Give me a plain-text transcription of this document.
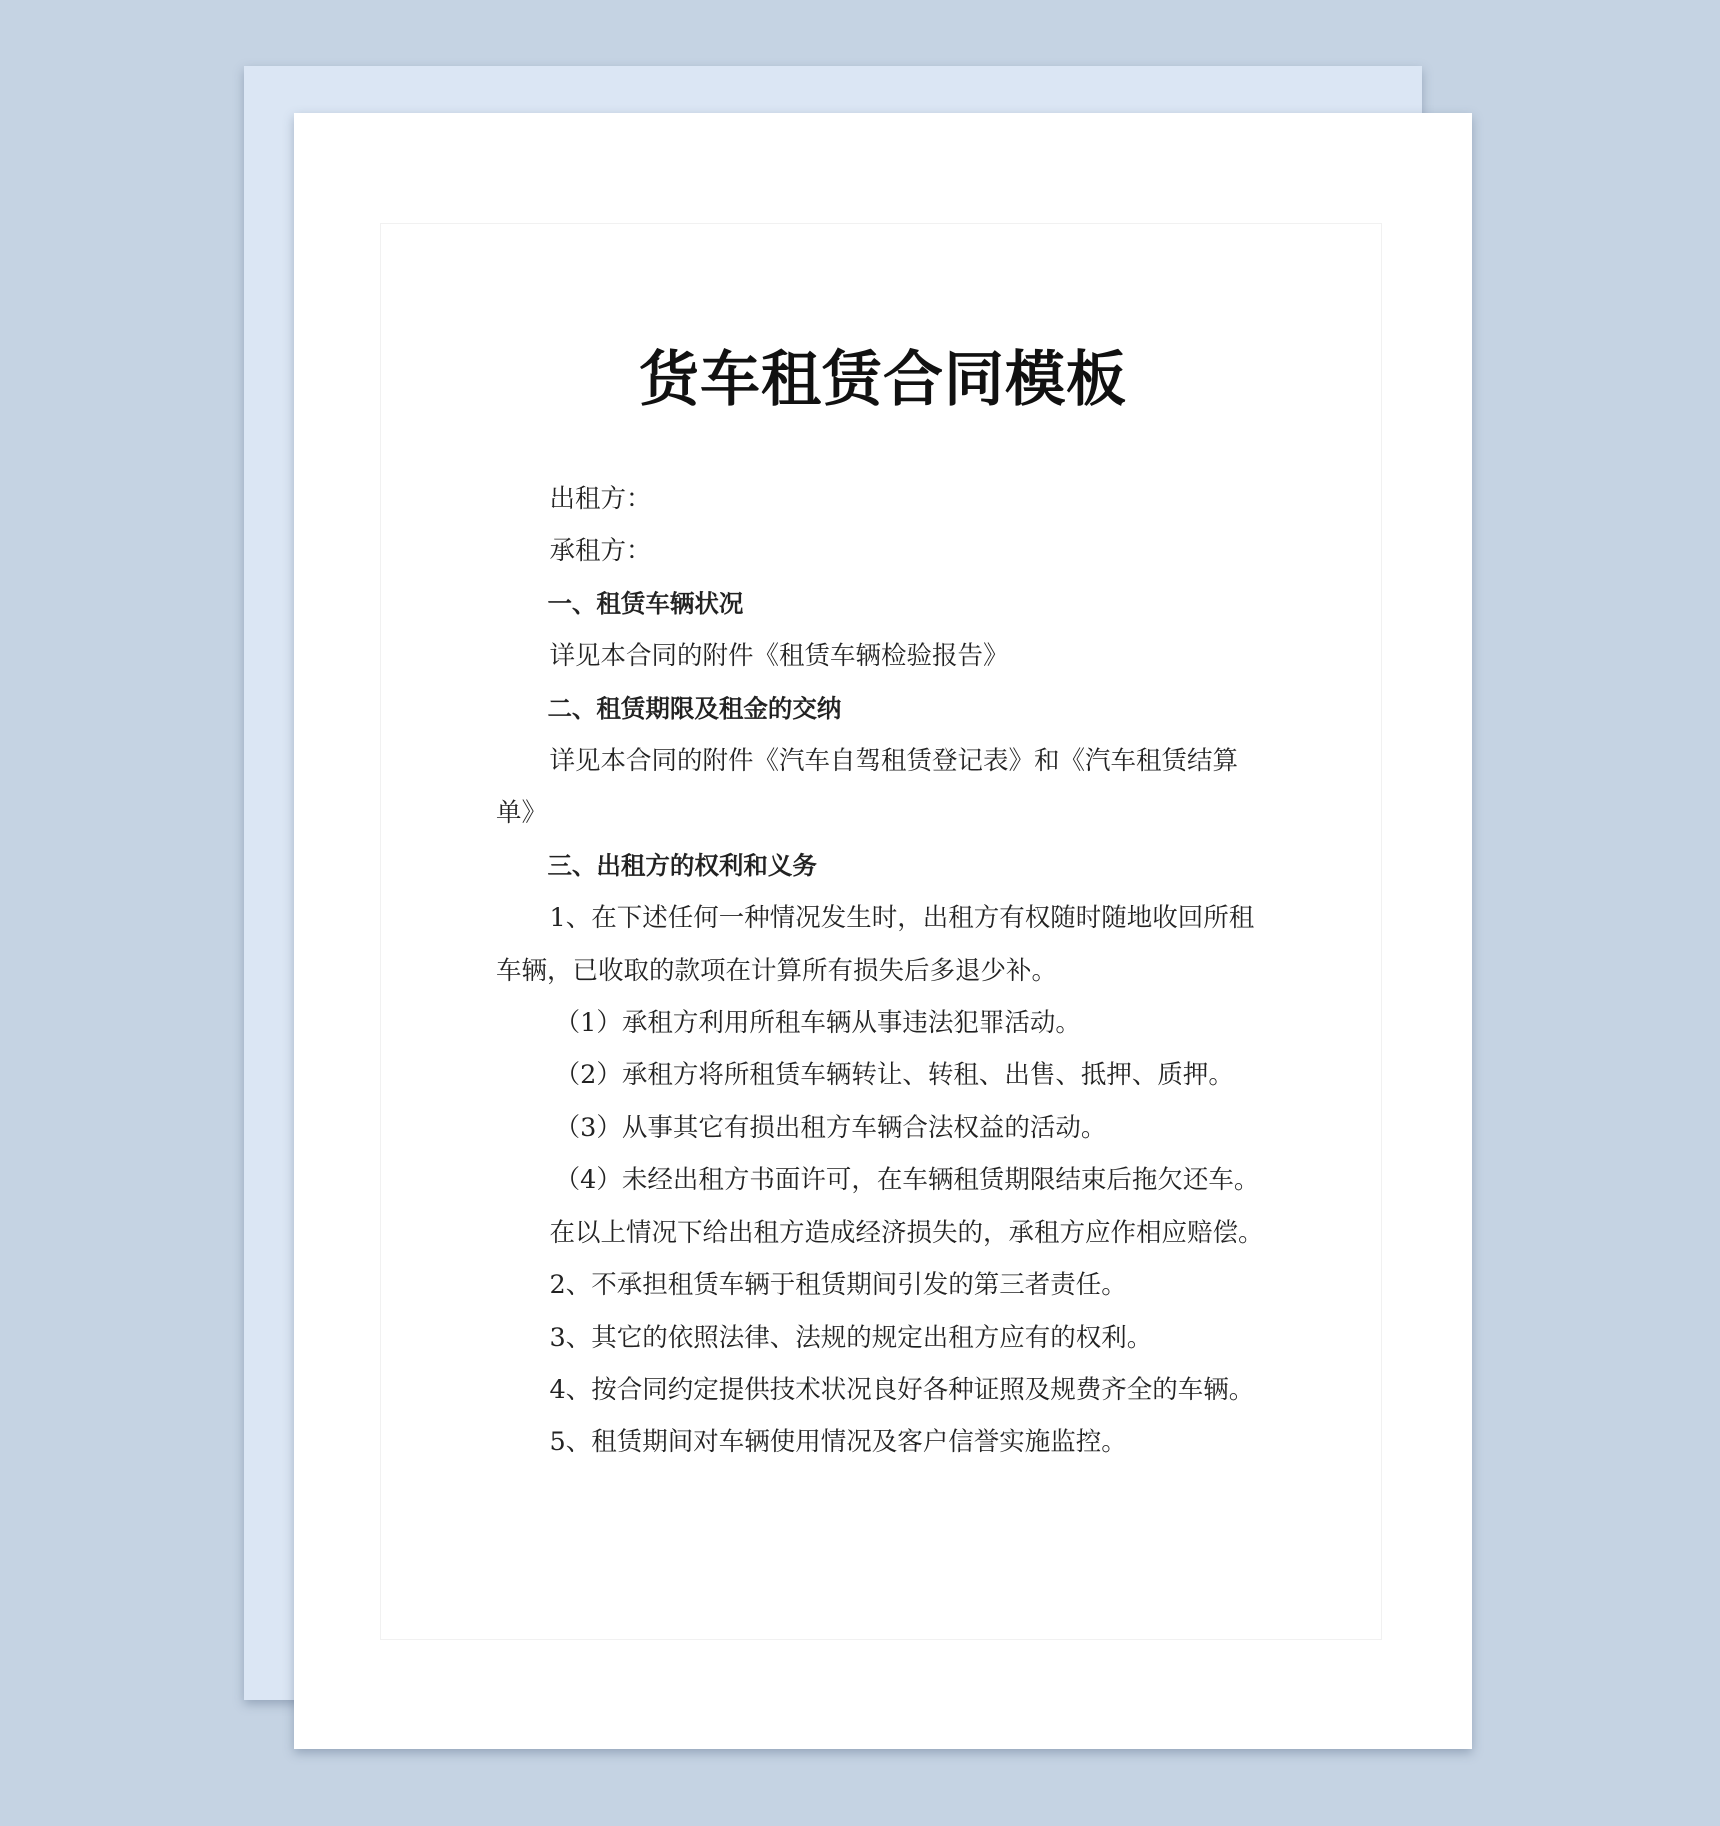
货车租赁合同模板

出租方：

承租方：

一、租赁车辆状况

详见本合同的附件《租赁车辆检验报告》

二、租赁期限及租金的交纳

详见本合同的附件《汽车自驾租赁登记表》和《汽车租赁结算单》

三、出租方的权利和义务

1、在下述任何一种情况发生时，出租方有权随时随地收回所租车辆，已收取的款项在计算所有损失后多退少补。

（1）承租方利用所租车辆从事违法犯罪活动。

（2）承租方将所租赁车辆转让、转租、出售、抵押、质押。

（3）从事其它有损出租方车辆合法权益的活动。

（4）未经出租方书面许可，在车辆租赁期限结束后拖欠还车。

在以上情况下给出租方造成经济损失的，承租方应作相应赔偿。

2、不承担租赁车辆于租赁期间引发的第三者责任。

3、其它的依照法律、法规的规定出租方应有的权利。

4、按合同约定提供技术状况良好各种证照及规费齐全的车辆。

5、租赁期间对车辆使用情况及客户信誉实施监控。
